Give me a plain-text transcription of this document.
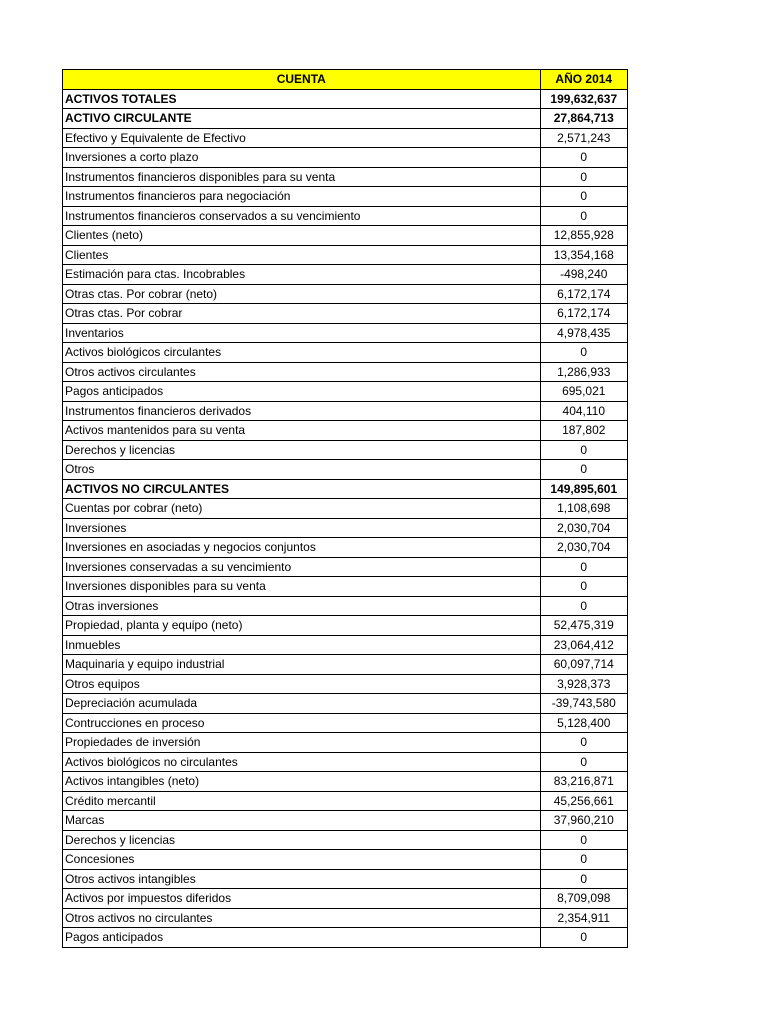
CUENTA	AÑO 2014
ACTIVOS TOTALES	199,632,637
ACTIVO CIRCULANTE	27,864,713
Efectivo y Equivalente de Efectivo	2,571,243
Inversiones a corto plazo	0
Instrumentos financieros disponibles para su venta	0
Instrumentos financieros para negociación	0
Instrumentos financieros conservados a su vencimiento	0
Clientes (neto)	12,855,928
Clientes	13,354,168
Estimación para ctas. Incobrables	-498,240
Otras ctas. Por cobrar (neto)	6,172,174
Otras ctas. Por cobrar	6,172,174
Inventarios	4,978,435
Activos biológicos circulantes	0
Otros activos circulantes	1,286,933
Pagos anticipados	695,021
Instrumentos financieros derivados	404,110
Activos mantenidos para su venta	187,802
Derechos y licencias	0
Otros	0
ACTIVOS NO CIRCULANTES	149,895,601
Cuentas por cobrar (neto)	1,108,698
Inversiones	2,030,704
Inversiones en asociadas y negocios conjuntos	2,030,704
Inversiones conservadas a su vencimiento	0
Inversiones disponibles para su venta	0
Otras inversiones	0
Propiedad, planta y equipo (neto)	52,475,319
Inmuebles	23,064,412
Maquinaria y equipo industrial	60,097,714
Otros equipos	3,928,373
Depreciación acumulada	-39,743,580
Contrucciones en proceso	5,128,400
Propiedades de inversión	0
Activos biológicos no circulantes	0
Activos intangibles (neto)	83,216,871
Crédito mercantil	45,256,661
Marcas	37,960,210
Derechos y licencias	0
Concesiones	0
Otros activos intangibles	0
Activos por impuestos diferidos	8,709,098
Otros activos no circulantes	2,354,911
Pagos anticipados	0
